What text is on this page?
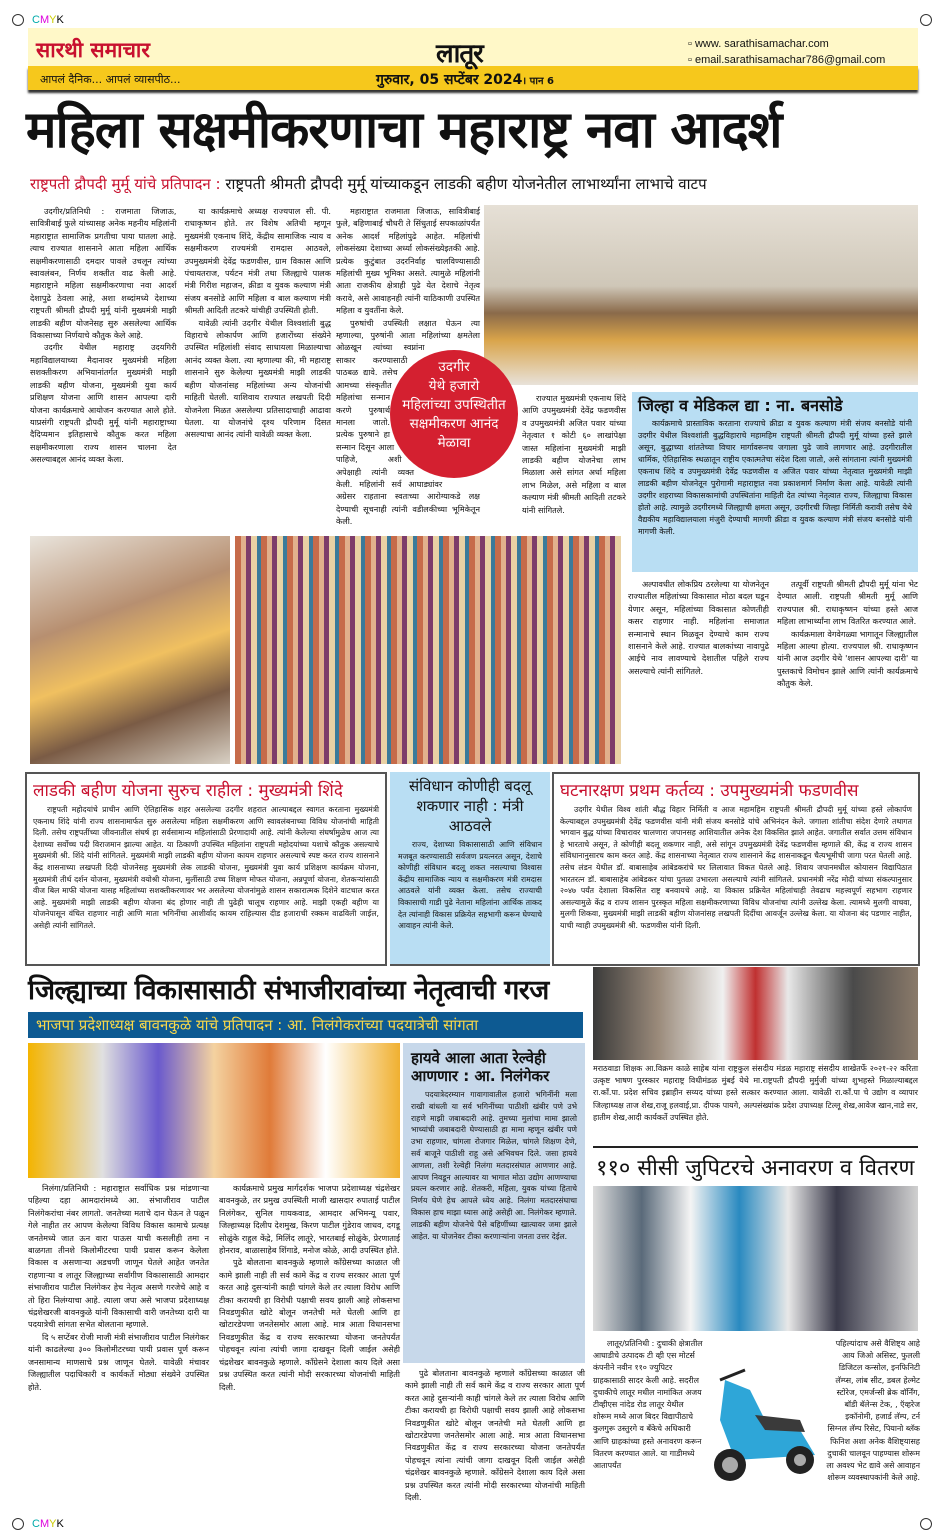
CMYK
CMYK
सारथी समाचार	लातूर	▫ www. sarathisamachar.com
▫ email.sarathisamachar786@gmail.com
आपलं दैनिक... आपलं व्यासपीठ...	गुरुवार, 05 सप्टेंबर 2024। पान 6
महिला सक्षमीकरणाचा महाराष्ट्र नवा आदर्श
राष्ट्रपती द्रौपदी मुर्मू यांचे प्रतिपादन : राष्ट्रपती श्रीमती द्रौपदी मुर्मू यांच्याकडून लाडकी बहीण योजनेतील लाभार्थ्यांना लाभाचे वाटप

उदगीर/प्रतिनिधी : राजमाता जिजाऊ, सावित्रीबाई फुले यांच्यासह अनेक महनीय महिलांनी महाराष्ट्रात सामाजिक प्रगतीचा पाया घातला आहे. त्याच राज्यात शासनाने आता महिला आर्थिक सक्षमीकरणासाठी दमदार पावले उचलून त्यांच्या स्वावलंबन, निर्णय शक्तीत वाढ केली आहे. महाराष्ट्राने महिला सक्षमीकरणाचा नवा आदर्श देशापुढे ठेवला आहे, अशा शब्दांमध्ये देशाच्या राष्ट्रपती श्रीमती द्रौपदी मुर्मू यांनी मुख्यमंत्री माझी लाडकी बहीण योजनेसह सुरु असलेल्या आर्थिक विकासाच्या निर्णयाचे कौतुक केले आहे.

उदगीर येथील महाराष्ट्र उदयगिरी महाविद्यालयाच्या मैदानावर मुख्यमंत्री महिला सशक्तीकरण अभियानांतर्गत मुख्यमंत्री माझी लाडकी बहीण योजना, मुख्यमंत्री युवा कार्य प्रशिक्षण योजना आणि शासन आपल्या दारी योजना कार्यक्रमाचे आयोजन करण्यात आले होते. याप्रसंगी राष्ट्रपती द्रौपदी मुर्मू यांनी महाराष्ट्राच्या दैदिप्यमान इतिहासाचे कौतुक करत महिला सक्षमीकरणाला राज्य शासन चालना देत असल्याबद्दल आनंद व्यक्त केला.

या कार्यक्रमाचे अध्यक्ष राज्यपाल सी. पी. राधाकृष्णन होते. तर विशेष अतिथी म्हणून मुख्यमंत्री एकनाथ शिंदे, केंद्रीय सामाजिक न्याय व सक्षमीकरण राज्यमंत्री रामदास आठवले, उपमुख्यमंत्री देवेंद्र फडणवीस, ग्राम विकास आणि पंचायतराज, पर्यटन मंत्री तथा जिल्ह्याचे पालक मंत्री गिरीश महाजन, क्रीडा व युवक कल्याण मंत्री संजय बनसोडे आणि महिला व बाल कल्याण मंत्री श्रीमती आदिती तटकरे यांचीही उपस्थिती होती.

यावेळी त्यांनी उदगीर येथील विश्वशांती बुद्ध विहाराचे लोकार्पण आणि हजारोंच्या संख्येने उपस्थित महिलांशी संवाद साधायला मिळाल्याचा आनंद व्यक्त केला. त्या म्हणाल्या की, मी महाराष्ट्र शासनाने सुरु केलेल्या मुख्यमंत्री माझी लाडकी बहीण योजनांसह महिलांच्या अन्य योजनांची माहिती घेतली. याशिवाय राज्यात लखपती दिदी योजनेला मिळत असलेल्या प्रतिसादाचाही आढावा घेतला. या योजनांचे दृश्य परिणाम दिसत असल्याचा आनंद त्यांनी यावेळी व्यक्त केला.

महाराष्ट्रात राजमाता जिजाऊ, सावित्रीबाई फुले, बहिणाबाई चौधरी ते सिंधुताई सपकाळांपर्यंत अनेक आदर्श महिलांपुढे आहेत. महिलांची लोकसंख्या देशाच्या अर्ध्या लोकसंख्येइतकी आहे. प्रत्येक कुटुंबात उदरनिर्वाह चालविण्यासाठी महिलांची मुख्य भूमिका असते. त्यामुळे महिलांनी आता राजकीय क्षेत्राही पुढे येत देशाचे नेतृत्व करावे, असे आवाहनही त्यांनी याठिकाणी उपस्थित महिला व युवतींना केले.

पुरुषांची उपस्थिती लक्षात घेऊन त्या म्हणाल्या, पुरुषांनी आता महिलांच्या क्षमतेला ओळखून त्यांच्या स्वप्नांना साकार करण्यासाठी पाठबळ द्यावे. तसेच आमच्या संस्कृतीत महिलांचा सन्मान करणे पुरुषार्थ मानला जातो. प्रत्येक पुरुषाने हा सन्मान दिसून आला पाहिजे, अशी अपेक्षाही त्यांनी व्यक्त केली. महिलांनी सर्व आघाड्यांवर अग्रेसर राहताना स्वतःच्या आरोग्याकडे लक्ष देण्याची सूचनाही त्यांनी वडीलकीच्या भूमिकेतून केली.

राज्यात मुख्यमंत्री एकनाथ शिंदे आणि उपमुख्यमंत्री देवेंद्र फडणवीस व उपमुख्यमंत्री अजित पवार यांच्या नेतृत्वात १ कोटी ६० लाखांपेक्षा जास्त महिलांना मुख्यमंत्री माझी लाडकी बहीण योजनेचा लाभ मिळाला असे सांगत अर्धा महिला लाभ मिळेल, असे महिला व बाल कल्याण मंत्री श्रीमती आदिती तटकरे यांनी सांगितले.

उदगीर
येथे हजारो
महिलांच्या उपस्थितीत
सक्षमीकरण आनंद
मेळावा
जिल्हा व मेडिकल द्या : ना. बनसोडे

कार्यक्रमाचे प्रास्ताविक करताना राज्याचे क्रीडा व युवक कल्याण मंत्री संजय बनसोडे यांनी उदगीर येथील विश्वशांती बुद्धविहाराचे महामहिम राष्ट्रपती श्रीमती द्रौपदी मुर्मू यांच्या हस्ते झाले असून, बुद्धाच्या शांततेच्या विचार मार्गावरूनच जगाला पुढे जावे लागणार आहे. उदगीरातील धार्मिक, ऐतिहासिक स्थळातून राष्ट्रीय एकात्मतेचा संदेश दिला जातो, असे सांगताना त्यांनी मुख्यमंत्री एकनाथ शिंदे व उपमुख्यमंत्री देवेंद्र फडणवीस व अजित पवार यांच्या नेतृत्वात मुख्यमंत्री माझी लाडकी बहीण योजनेतून पुरोगामी महाराष्ट्रात नवा प्रकाशमार्ग निर्माण केला आहे. यावेळी त्यांनी उदगीर शहराच्या विकासकामांची उपस्थितांना माहिती देत त्यांच्या नेतृत्वात राज्य, जिल्ह्याचा विकास होतो आहे. त्यामुळे उदगीरमध्ये जिल्ह्याची क्षमता असून, उदगीरची जिल्हा निर्मिती करावी तसेच येथे वैद्यकीय महाविद्यालयाला मंजुरी देण्याची मागणी क्रीडा व युवक कल्याण मंत्री संजय बनसोडे यांनी मागणी केली.

अल्पावधीत लोकप्रिय ठरलेल्या या योजनेतून राज्यातील महिलांच्या विकासात मोठा बदल घडून येणार असून, महिलांच्या विकासात कोणतीही कसर राहणार नाही. महिलांना समाजात सन्मानाचे स्थान मिळवून देण्याचे काम राज्य शासनाने केले आहे. राज्यात बालकांच्या नावापुढे आईचे नाव लावण्याचे देशातील पहिले राज्य असल्याचे त्यांनी सांगितले.

तत्पूर्वी राष्ट्रपती श्रीमती द्रौपदी मुर्मू यांना भेट देण्यात आली. राष्ट्रपती श्रीमती मुर्मू आणि राज्यपाल श्री. राधाकृष्णन यांच्या हस्ते आज महिला लाभार्थ्यांना लाभ वितरित करण्यात आले.

कार्यक्रमाला वेगवेगळ्या भागातून जिल्ह्यातील महिला आल्या होत्या. राज्यपाल श्री. राधाकृष्णन यांनी आज उदगीर येथे 'शासन आपल्या दारी' या पुस्तकाचे विमोचन झाले आणि त्यांनी कार्यक्रमाचे कौतुक केले.

लाडकी बहीण योजना सुरुच राहील : मुख्यमंत्री शिंदे

राष्ट्रपती महोदयांचे प्राचीन आणि ऐतिहासिक शहर असलेल्या उदगीर शहरात आल्याबद्दल स्वागत करताना मुख्यमंत्री एकनाथ शिंदे यांनी राज्य शासनामार्फत सुरु असलेल्या महिला सक्षमीकरण आणि स्वावलंबनाच्या विविध योजनांची माहिती दिली. तसेच राष्ट्रपतींच्या जीवनातील संघर्ष हा सर्वसामान्य महिलांसाठी प्रेरणादायी आहे. त्यांनी केलेल्या संघर्षामुळेच आज त्या देशाच्या सर्वोच्च पदी विराजमान झाल्या आहेत. या ठिकाणी उपस्थित महिलांना राष्ट्रपती महोदयांच्या यशाचे कौतुक असल्याचे मुख्यमंत्री श्री. शिंदे यांनी सांगितले. मुख्यमंत्री माझी लाडकी बहीण योजना कायम राहणार असल्याचे स्पष्ट करत राज्य शासनाने केंद्र शासनाच्या लखपती दिदी योजनेसह मुख्यमंत्री लेक लाडकी योजना, मुख्यमंत्री युवा कार्य प्रशिक्षण कार्यक्रम योजना, मुख्यमंत्री तीर्थ दर्शन योजना, मुख्यमंत्री वयोश्री योजना, मुलींसाठी उच्च शिक्षण मोफत योजना, अन्नपूर्णा योजना, शेतकऱ्यांसाठी वीज बिल माफी योजना यासह महिलांच्या सशक्तीकरणावर भर असलेल्या योजनांमुळे शासन सकारात्मक दिशेने वाटचाल करत आहे. मुख्यमंत्री माझी लाडकी बहीण योजना बंद होणार नाही ती पुढेही चालूच राहणार आहे. माझी एकही बहीण या योजनेपासून वंचित राहणार नाही आणि माता भगिनींचा आशीर्वाद कायम राहिल्यास दीड हजाराची रक्कम वाढविली जाईल, असेही त्यांनी सांगितले.

संविधान कोणीही बदलू शकणार नाही : मंत्री आठवले

राज्य, देशाच्या विकासासाठी आणि संविधान मजबूत करण्यासाठी सर्वजण प्रयत्नरत असून, देशाचे कोणीही संविधान बदलू शकत नसल्याचा विश्वास केंद्रीय सामाजिक न्याय व सक्षमीकरण मंत्री रामदास आठवले यांनी व्यक्त केला. तसेच राज्याची विकासाची गाडी पुढे नेताना महिलांना आर्थिक ताकद देत त्यांनाही विकास प्रक्रियेत सहभागी करून घेण्याचे आवाहन त्यांनी केले.

घटनारक्षण प्रथम कर्तव्य : उपमुख्यमंत्री फडणवीस

उदगीर येथील विश्व शांती बौद्ध विहार निर्मिती व आज महामहिम राष्ट्रपती श्रीमती द्रौपदी मुर्मू यांच्या हस्ते लोकार्पण केल्याबद्दल उपमुख्यमंत्री देवेंद्र फडणवीस यांनी मंत्री संजय बनसोडे यांचे अभिनंदन केले. जगाला शांतीचा संदेश देणारे तथागत भगवान बुद्ध यांच्या विचारावर चालणारा जपानसह आशियातील अनेक देश विकसित झाले आहेत. जगातील सर्वात उत्तम संविधान हे भारताचे असून, ते कोणीही बदलू शकणार नाही, असे सांगून उपमुख्यमंत्री देवेंद्र फडणवीस म्हणाले की, केंद्र व राज्य शासन संविधानानुसारच काम करत आहे. केंद्र शासनाच्या नेतृत्वात राज्य शासनाने केंद्र शासनाकडून चैत्यभूमीची जागा परत घेतली आहे. तसेच लंडन येथील डॉ. बाबासाहेब आंबेडकरांचे घर लिलावात विकत घेतले आहे. शिवाय जपानमधील कोयासन विद्यापिठात भारतरत्न डॉ. बाबासाहेब आंबेडकर यांचा पुतळा उभारला असल्याचे त्यांनी सांगितले. प्रधानमंत्री नरेंद्र मोदी यांच्या संकल्पानुसार २०४७ पर्यंत देशाला विकसित राष्ट्र बनवायचे आहे. या विकास प्रक्रियेत महिलांचाही तेवढाच महत्त्वपूर्ण सहभाग राहणार असल्यामुळे केंद्र व राज्य शासन पुरस्कृत महिला सक्षमीकरणाच्या विविध योजनांचा त्यांनी उल्लेख केला. त्यामध्ये मुलगी वाचवा, मुलगी शिकवा, मुख्यमंत्री माझी लाडकी बहीण योजनांसह लखपती दिदींचा आवर्जून उल्लेख केला. या योजना बंद पडणार नाहीत, याची ग्वाही उपमुख्यमंत्री श्री. फडणवीस यांनी दिली.

जिल्ह्याच्या विकासासाठी संभाजीरावांच्या नेतृत्वाची गरज
भाजपा प्रदेशाध्यक्ष बावनकुळे यांचे प्रतिपादन : आ. निलंगेकरांच्या पदयात्रेची सांगता

निलंगा/प्रतिनिधी : महाराष्ट्रात सर्वाधिक प्रश्न मांडणाऱ्या पहिल्या दहा आमदारांमध्ये आ. संभाजीराव पाटील निलंगेकरांचा नंबर लागतो. जनतेच्या मताचे दान घेऊन ते पळून गेले नाहीत तर आपण केलेल्या विविध विकास कामाचे प्रत्यक्ष जनतेमध्ये जात ऊन वारा पाऊस याची कसलीही तमा न बाळगता तीनशे किलोमीटरचा पायी प्रवास करून केलेला विकास व असणाऱ्या अडचणी जाणून घेतले आहेत जनतेत राहणाऱ्या व लातूर जिल्ह्याच्या सर्वांगीण विकासासाठी आमदार संभाजीराव पाटील निलंगेकर हेच नेतृत्व असणे गरजेचे आहे व तो हिरा निलंग्याचा आहे. त्याला जपा असे भाजपा प्रदेशाध्यक्ष चंद्रशेखरजी बावनकुळे यांनी विकासाची वारी जनतेच्या दारी या पदयात्रेची सांगता सभेत बोलताना म्हणाले.

दि ५ सप्टेंबर रोजी माजी मंत्री संभाजीराव पाटील निलंगेकर यांनी काढलेल्या ३०० किलोमीटरच्या पायी प्रवास पूर्ण करून जनसामान्य माणसाचे प्रश्न जाणून घेतले. यावेळी मंचावर जिल्ह्यातील पदाधिकारी व कार्यकर्ते मोठ्या संख्येने उपस्थित होते.

कार्यक्रमाचे प्रमुख मार्गदर्शक भाजपा प्रदेशाध्यक्ष चंद्रशेखर बावनकुळे, तर प्रमुख उपस्थिती माजी खासदार रुपाताई पाटील निलंगेकर, सुनिल गायकवाड, आमदार अभिमन्यू पवार, जिल्हाध्यक्ष दिलीप देशमुख, किरण पाटील गुंडेराव जाधव, दगडू सोळुंके राहुल केंद्रे, मिलिंद लातूरे, भारतबाई सोळुंके, प्रेरणाताई होनराव, बाळासाहेब शिंगाडे, मनोज कोळे, आदी उपस्थित होते.

पुढे बोलताना बावनकुळे म्हणाले काँग्रेसच्या काळात जी कामे झाली नाही ती सर्व कामे केंद्र व राज्य सरकार आता पूर्ण करत आहे दुसऱ्यांनी काही चांगले केले तर त्याला विरोध आणि टीका करायची हा विरोधी पक्षाची सवय झाली आहे लोकसभा निवडणुकीत खोटे बोलून जनतेची मते घेतली आणि हा खोटारडेपणा जनतेसमोर आला आहे. मात्र आता विधानसभा निवडणुकीत केंद्र व राज्य सरकारच्या योजना जनतेपर्यंत पोहचवून त्यांना त्यांची जागा दाखवून दिली जाईल असेही चंद्रशेखर बावनकुळे म्हणाले. काँग्रेसने देशाला काय दिले असा प्रश्न उपस्थित करत त्यांनी मोदी सरकारच्या योजनांची माहिती दिली.

हायवे आला आता रेल्वेही आणणार : आ. निलंगेकर

पदयात्रेदरम्यान गावागावातील हजारो भगिनींनी मला राखी बांधली या सर्व भगिनींच्या पाठीशी खंबीर पणे उभे राहणे माझी जबाबदारी आहे. तुमच्या मुलांचा मामा झालो भाच्यांची जबाबदारी घेण्यासाठी हा मामा म्हणून खंबीर पणे उभा राहणार, चांगला रोजगार मिळेल, चांगले शिक्षण देणे, सर्व बाजूने पाठीशी राहू असे अभिवचन दिले. जसा हायवे आणला, तशी रेल्वेही निलंगा मतदारसंघात आणणार आहे. आपण निवडून आल्यावर या भागात मोठा उद्योग आणण्याचा प्रयत्न करणार आहे. शेतकरी, महिला, युवक यांच्या हिताचे निर्णय घेणे हेच आपले ध्येय आहे. निलंगा मतदारसंघाचा विकास हाच माझा ध्यास आहे असेही आ. निलंगेकर म्हणाले. लाडकी बहीण योजनेचे पैसे बहिणींच्या खात्यावर जमा झाले आहेत. या योजनेवर टीका करणाऱ्यांना जनता उत्तर देईल.

पुढे बोलताना बावनकुळे म्हणाले काँग्रेसच्या काळात जी कामे झाली नाही ती सर्व कामे केंद्र व राज्य सरकार आता पूर्ण करत आहे दुसऱ्यांनी काही चांगले केले तर त्याला विरोध आणि टीका करायची हा विरोधी पक्षाची सवय झाली आहे लोकसभा निवडणुकीत खोटे बोलून जनतेची मते घेतली आणि हा खोटारडेपणा जनतेसमोर आला आहे. मात्र आता विधानसभा निवडणुकीत केंद्र व राज्य सरकारच्या योजना जनतेपर्यंत पोहचवून त्यांना त्यांची जागा दाखवून दिली जाईल असेही चंद्रशेखर बावनकुळे म्हणाले. काँग्रेसने देशाला काय दिले असा प्रश्न उपस्थित करत त्यांनी मोदी सरकारच्या योजनांची माहिती दिली.

मराठवाडा शिक्षक आ.विक्रम काळे साहेब यांना राष्ट्रकुल संसदीय मंडळ महाराष्ट्र संसदीय शाखेतर्फे २०२१-२२ करिता उत्कृष्ट भाषण पुरस्कार महाराष्ट्र विधीमंडळ मुंबई येथे मा.राष्ट्रपती द्रौपदी मुर्मुजी यांच्या शुभहस्ते मिळाल्याबद्दल रा.कॉं.पा. प्रदेश सचिव इब्राहीन सय्यद यांच्या हस्ते सत्कार करण्यात आला. यावेळी रा.कॉं.पा चे उद्योग व व्यापार जिल्हाध्यक्ष ताज शेख,राजू हलवाई,प्रा. दीपक पायगे, अल्पसंख्यांक प्रदेश उपाध्यक्ष टिल्लू शेख,आवेज खान,नाडे सर, हातीम शेख,आदी कार्यकर्ते उपस्थित होते.

११० सीसी जुपिटरचे अनावरण व वितरण

लातूर/प्रतिनिधी : दुचाकी क्षेत्रातील आघाडीचे उत्पादक टी व्ही एस मोटर्स कंपनीने नवीन ११० ज्युपिटर ग्राहकासाठी सादर केली आहे. सदरील दुचाकीचे लातूर मधील नामांकित अजय टीव्हीएस नांदेड रोड लातूर येथील शोरूम मध्ये आज बिदर विद्यापीठाचे कुलगुरू उस्तुरगे व बँकेचे अधिकारी आणि ग्राहकांच्या हस्ते अनावरण करून वितरण करण्यात आले. या गाडीमध्ये आतापर्यंत

पहिल्यांदाच असे वैशिष्ट्य आहे आय जिओ असिस्ट, फुलली डिजिटल कन्सोल, इनफिनिटी लॅम्प्स, लांब सीट, डबल हेल्मेट स्टोरेज, एमर्जन्सी ब्रेक वॉर्निंग, बॉडी बॅलेन्स टेक, , ऍव्हरेज इकॉनोमी, हजार्ड लॅम्प, टर्न सिग्नल लॅम्प रिसेट, पियानो ब्लॅक फिनिश अशा अनेक वैशिष्ट्यासह दुचाकी चालवून पाहण्यास शोरूम ला अवश्य भेट द्यावे असे आवाहन शोरूम व्यवस्थापकांनी केले आहे.
